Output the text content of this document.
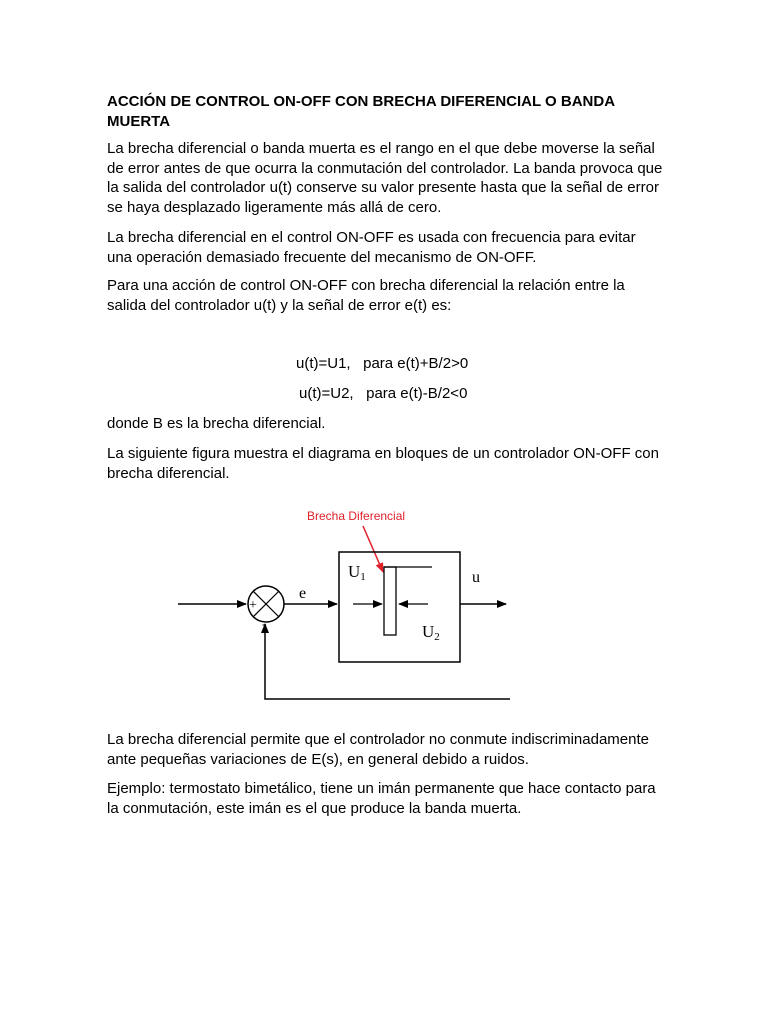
ACCIÓN DE CONTROL ON-OFF CON BRECHA DIFERENCIAL O BANDA MUERTA

La brecha diferencial o banda muerta es el rango en el que debe moverse la señal de error antes de que ocurra la conmutación del controlador. La banda provoca que la salida del controlador u(t) conserve su valor presente hasta que la señal de error se haya desplazado ligeramente más allá de cero.

La brecha diferencial en el control ON-OFF es usada con frecuencia para evitar una operación demasiado frecuente del mecanismo de ON-OFF.

Para una acción de control ON-OFF con brecha diferencial la relación entre la salida del controlador u(t) y la señal de error e(t) es:

u(t)=U1,   para e(t)+B/2>0

u(t)=U2,   para e(t)-B/2<0

donde B es la brecha diferencial.

La siguiente figura muestra el diagrama en bloques de un controlador ON-OFF con brecha diferencial.

Brecha Diferencial
+
-
e
U1
U2
u

La brecha diferencial permite que el controlador no conmute indiscriminadamente ante pequeñas variaciones de E(s), en general debido a ruidos.

Ejemplo: termostato bimetálico, tiene un imán permanente que hace contacto para la conmutación, este imán es el que produce la banda muerta.
